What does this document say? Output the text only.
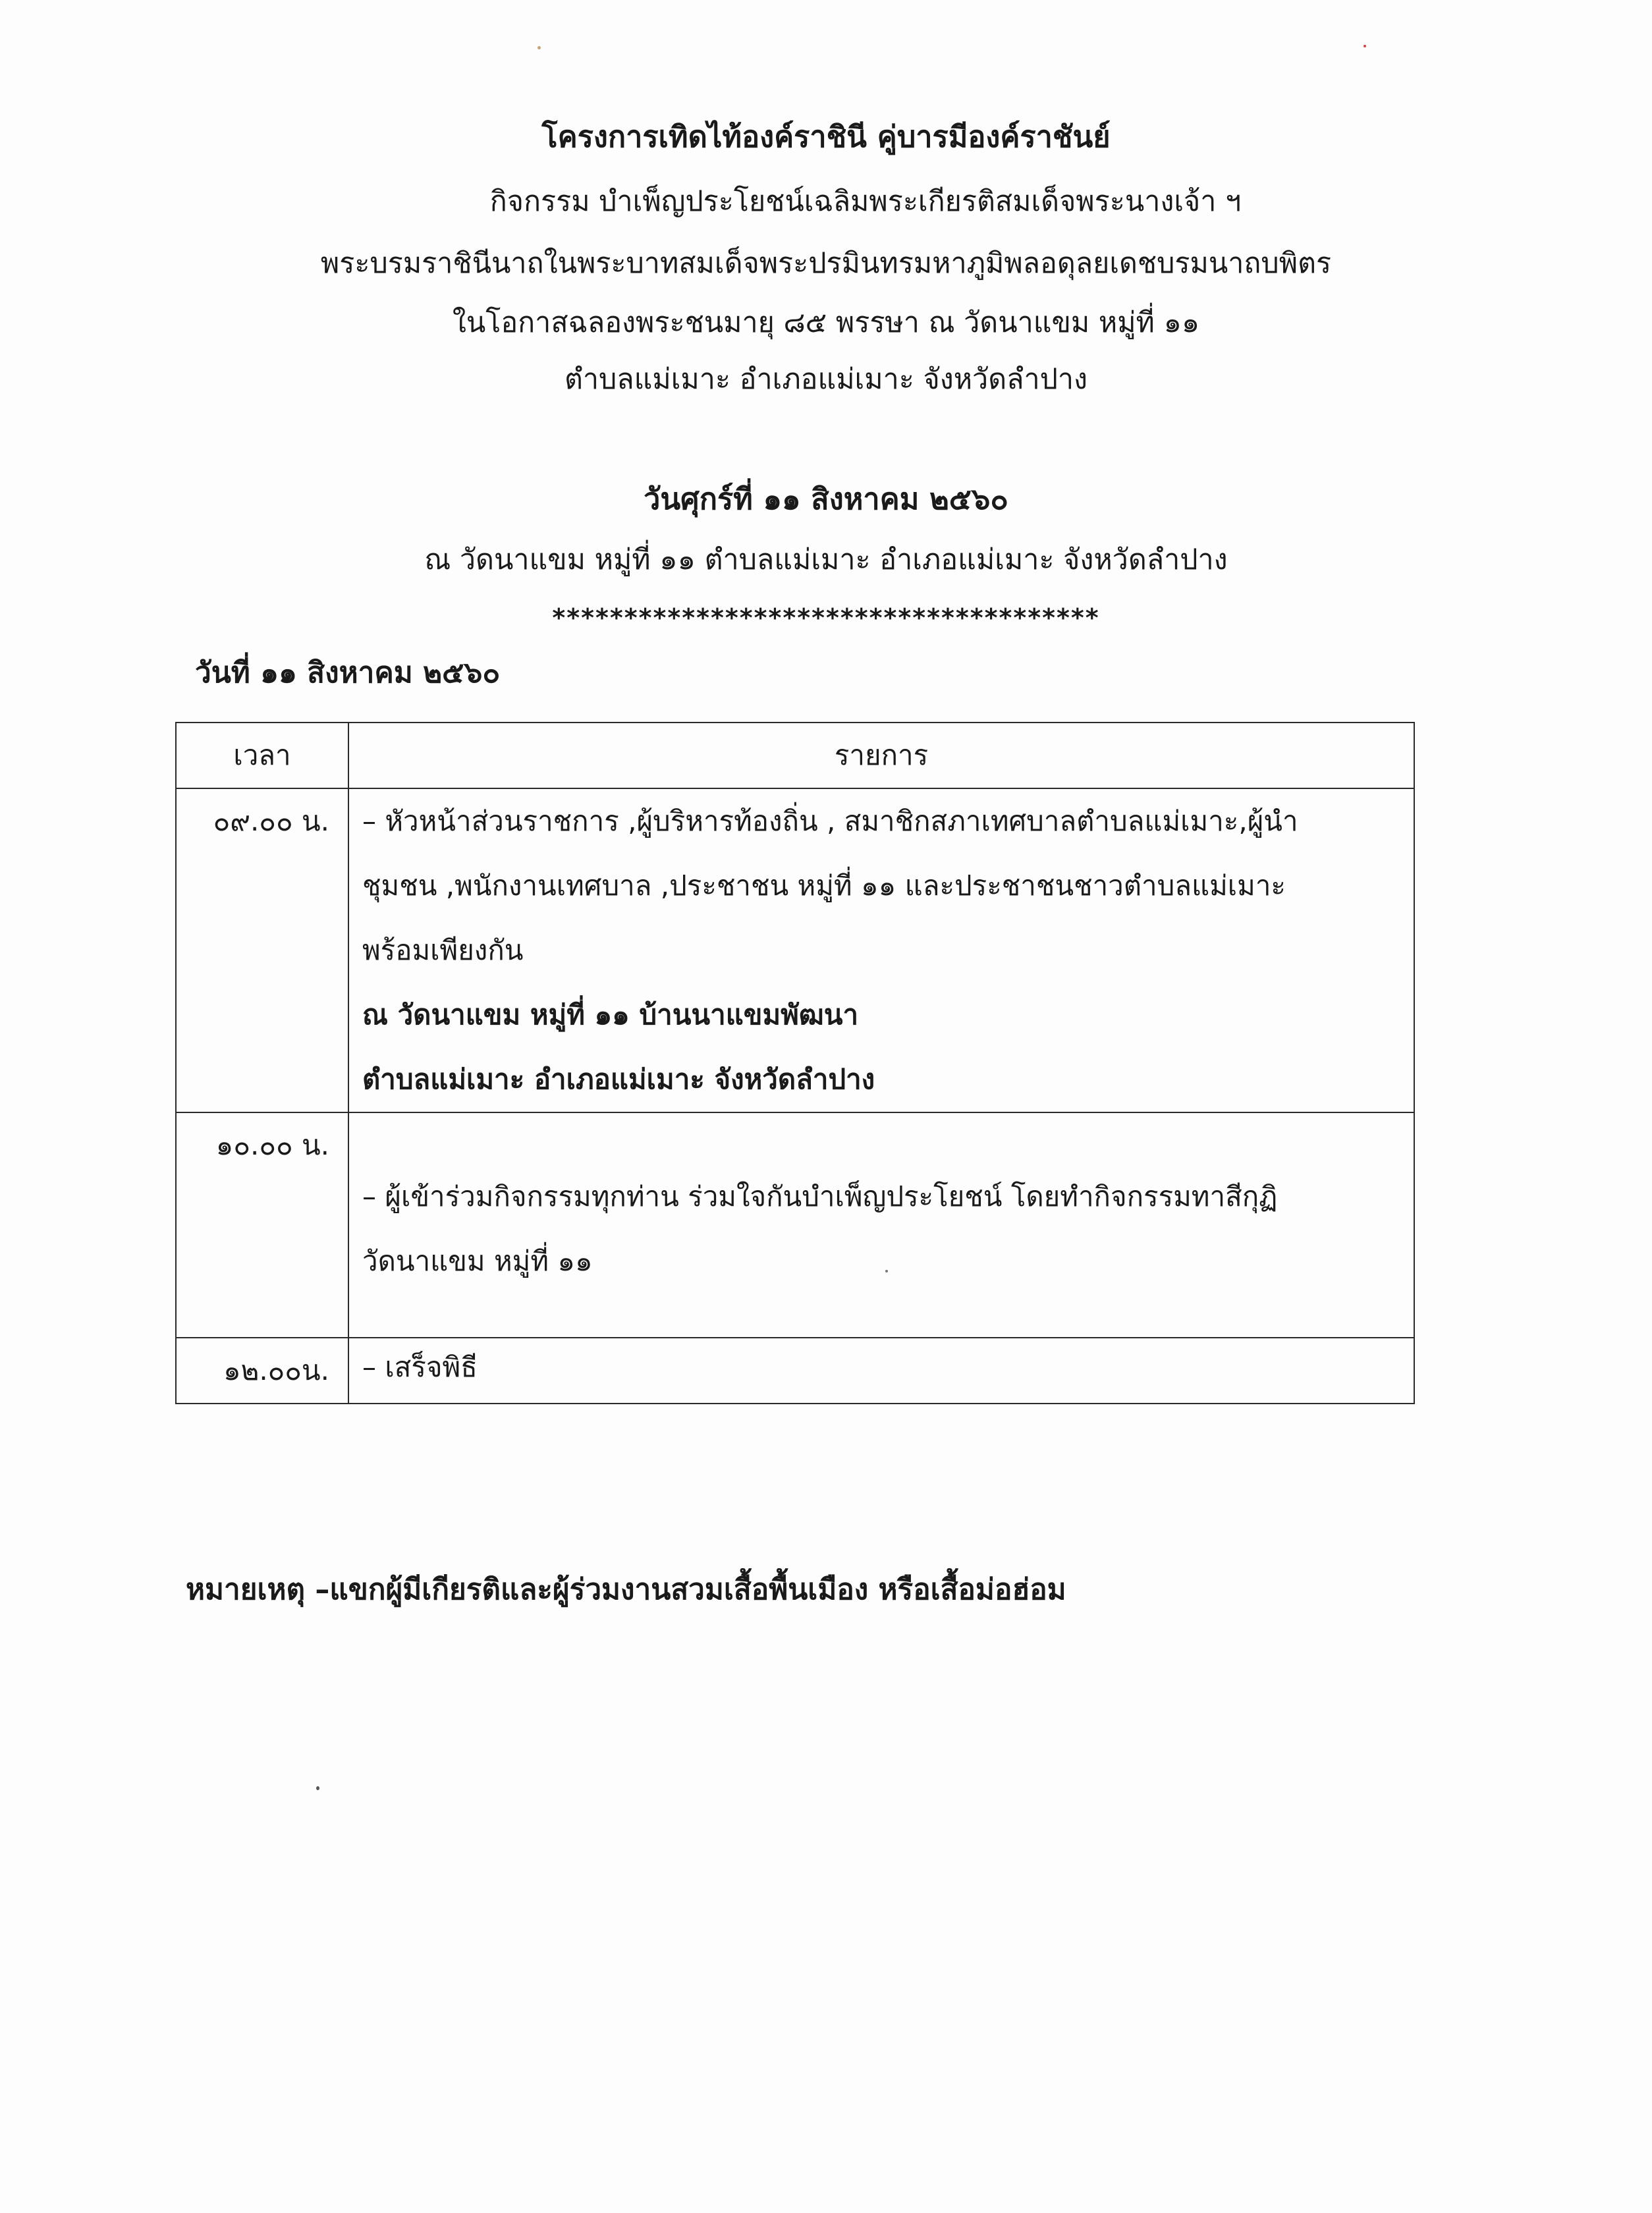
โครงการเทิดไท้องค์ราชินี คู่บารมีองค์ราชันย์
กิจกรรม บำเพ็ญประโยชน์เฉลิมพระเกียรติสมเด็จพระนางเจ้า ฯ
พระบรมราชินีนาถในพระบาทสมเด็จพระปรมินทรมหาภูมิพลอดุลยเดชบรมนาถบพิตร
ในโอกาสฉลองพระชนมายุ ๘๕ พรรษา ณ วัดนาแขม หมู่ที่ ๑๑
ตำบลแม่เมาะ อำเภอแม่เมาะ จังหวัดลำปาง
วันศุกร์ที่ ๑๑ สิงหาคม ๒๕๖๐
ณ วัดนาแขม หมู่ที่ ๑๑ ตำบลแม่เมาะ อำเภอแม่เมาะ จังหวัดลำปาง
**************************************
วันที่ ๑๑ สิงหาคม ๒๕๖๐
เวลา	รายการ
๐๙.๐๐ น.	– หัวหน้าส่วนราชการ ,ผู้บริหารท้องถิ่น , สมาชิกสภาเทศบาลตำบลแม่เมาะ,ผู้นำ
ชุมชน ,พนักงานเทศบาล ,ประชาชน หมู่ที่ ๑๑ และประชาชนชาวตำบลแม่เมาะ
พร้อมเพียงกัน
ณ วัดนาแขม หมู่ที่ ๑๑ บ้านนาแขมพัฒนา
ตำบลแม่เมาะ อำเภอแม่เมาะ จังหวัดลำปาง

๑๐.๐๐ น.	– ผู้เข้าร่วมกิจกรรมทุกท่าน ร่วมใจกันบำเพ็ญประโยชน์ โดยทำกิจกรรมทาสีกุฏิ
วัดนาแขม หมู่ที่ ๑๑

๑๒.๐๐น.	– เสร็จพิธี
หมายเหตุ –แขกผู้มีเกียรติและผู้ร่วมงานสวมเสื้อพื้นเมือง หรือเสื้อม่อฮ่อม
